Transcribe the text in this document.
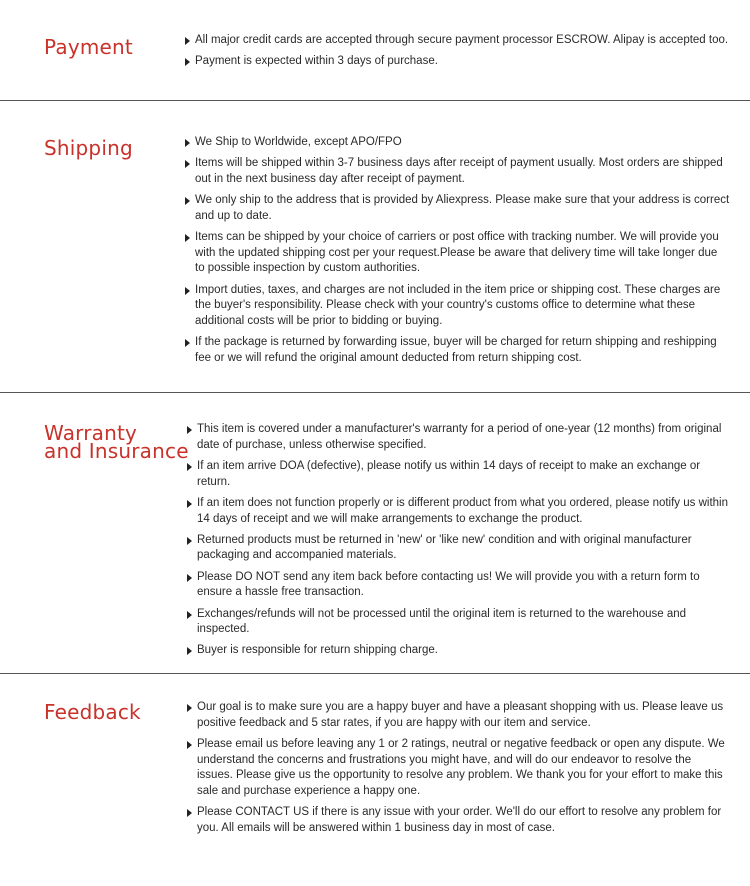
Payment	All major credit cards are accepted through secure payment processor ESCROW. Alipay is accepted too.
Payment is expected within 3 days of purchase.
Shipping	We Ship to Worldwide, except APO/FPO
Items will be shipped within 3-7 business days after receipt of payment usually. Most orders are shipped out in the next business day after receipt of payment.
We only ship to the address that is provided by Aliexpress. Please make sure that your address is correct and up to date.
Items can be shipped by your choice of carriers or post office with tracking number. We will provide you with the updated shipping cost per your request.Please be aware that delivery time will take longer due to possible inspection by custom authorities.
Import duties, taxes, and charges are not included in the item price or shipping cost. These charges are the buyer's responsibility. Please check with your country's customs office to determine what these additional costs will be prior to bidding or buying.
If the package is returned by forwarding issue, buyer will be charged for return shipping and reshipping fee or we will refund the original amount deducted from return shipping cost.
Warranty
and Insurance
This item is covered under a manufacturer's warranty for a period of one-year (12 months) from original date of purchase, unless otherwise specified.
If an item arrive DOA (defective), please notify us within 14 days of receipt to make an exchange or return.
If an item does not function properly or is different product from what you ordered, please notify us within 14 days of receipt and we will make arrangements to exchange the product.
Returned products must be returned in 'new' or 'like new' condition and with original manufacturer packaging and accompanied materials.
Please DO NOT send any item back before contacting us! We will provide you with a return form to ensure a hassle free transaction.
Exchanges/refunds will not be processed until the original item is returned to the warehouse and inspected.
Buyer is responsible for return shipping charge.
Feedback	Our goal is to make sure you are a happy buyer and have a pleasant shopping with us. Please leave us positive feedback and 5 star rates, if you are happy with our item and service.
Please email us before leaving any 1 or 2 ratings, neutral or negative feedback or open any dispute. We understand the concerns and frustrations you might have, and will do our endeavor to resolve the issues. Please give us the opportunity to resolve any problem. We thank you for your effort to make this sale and purchase experience a happy one.
Please CONTACT US if there is any issue with your order. We'll do our effort to resolve any problem for you. All emails will be answered within 1 business day in most of case.
